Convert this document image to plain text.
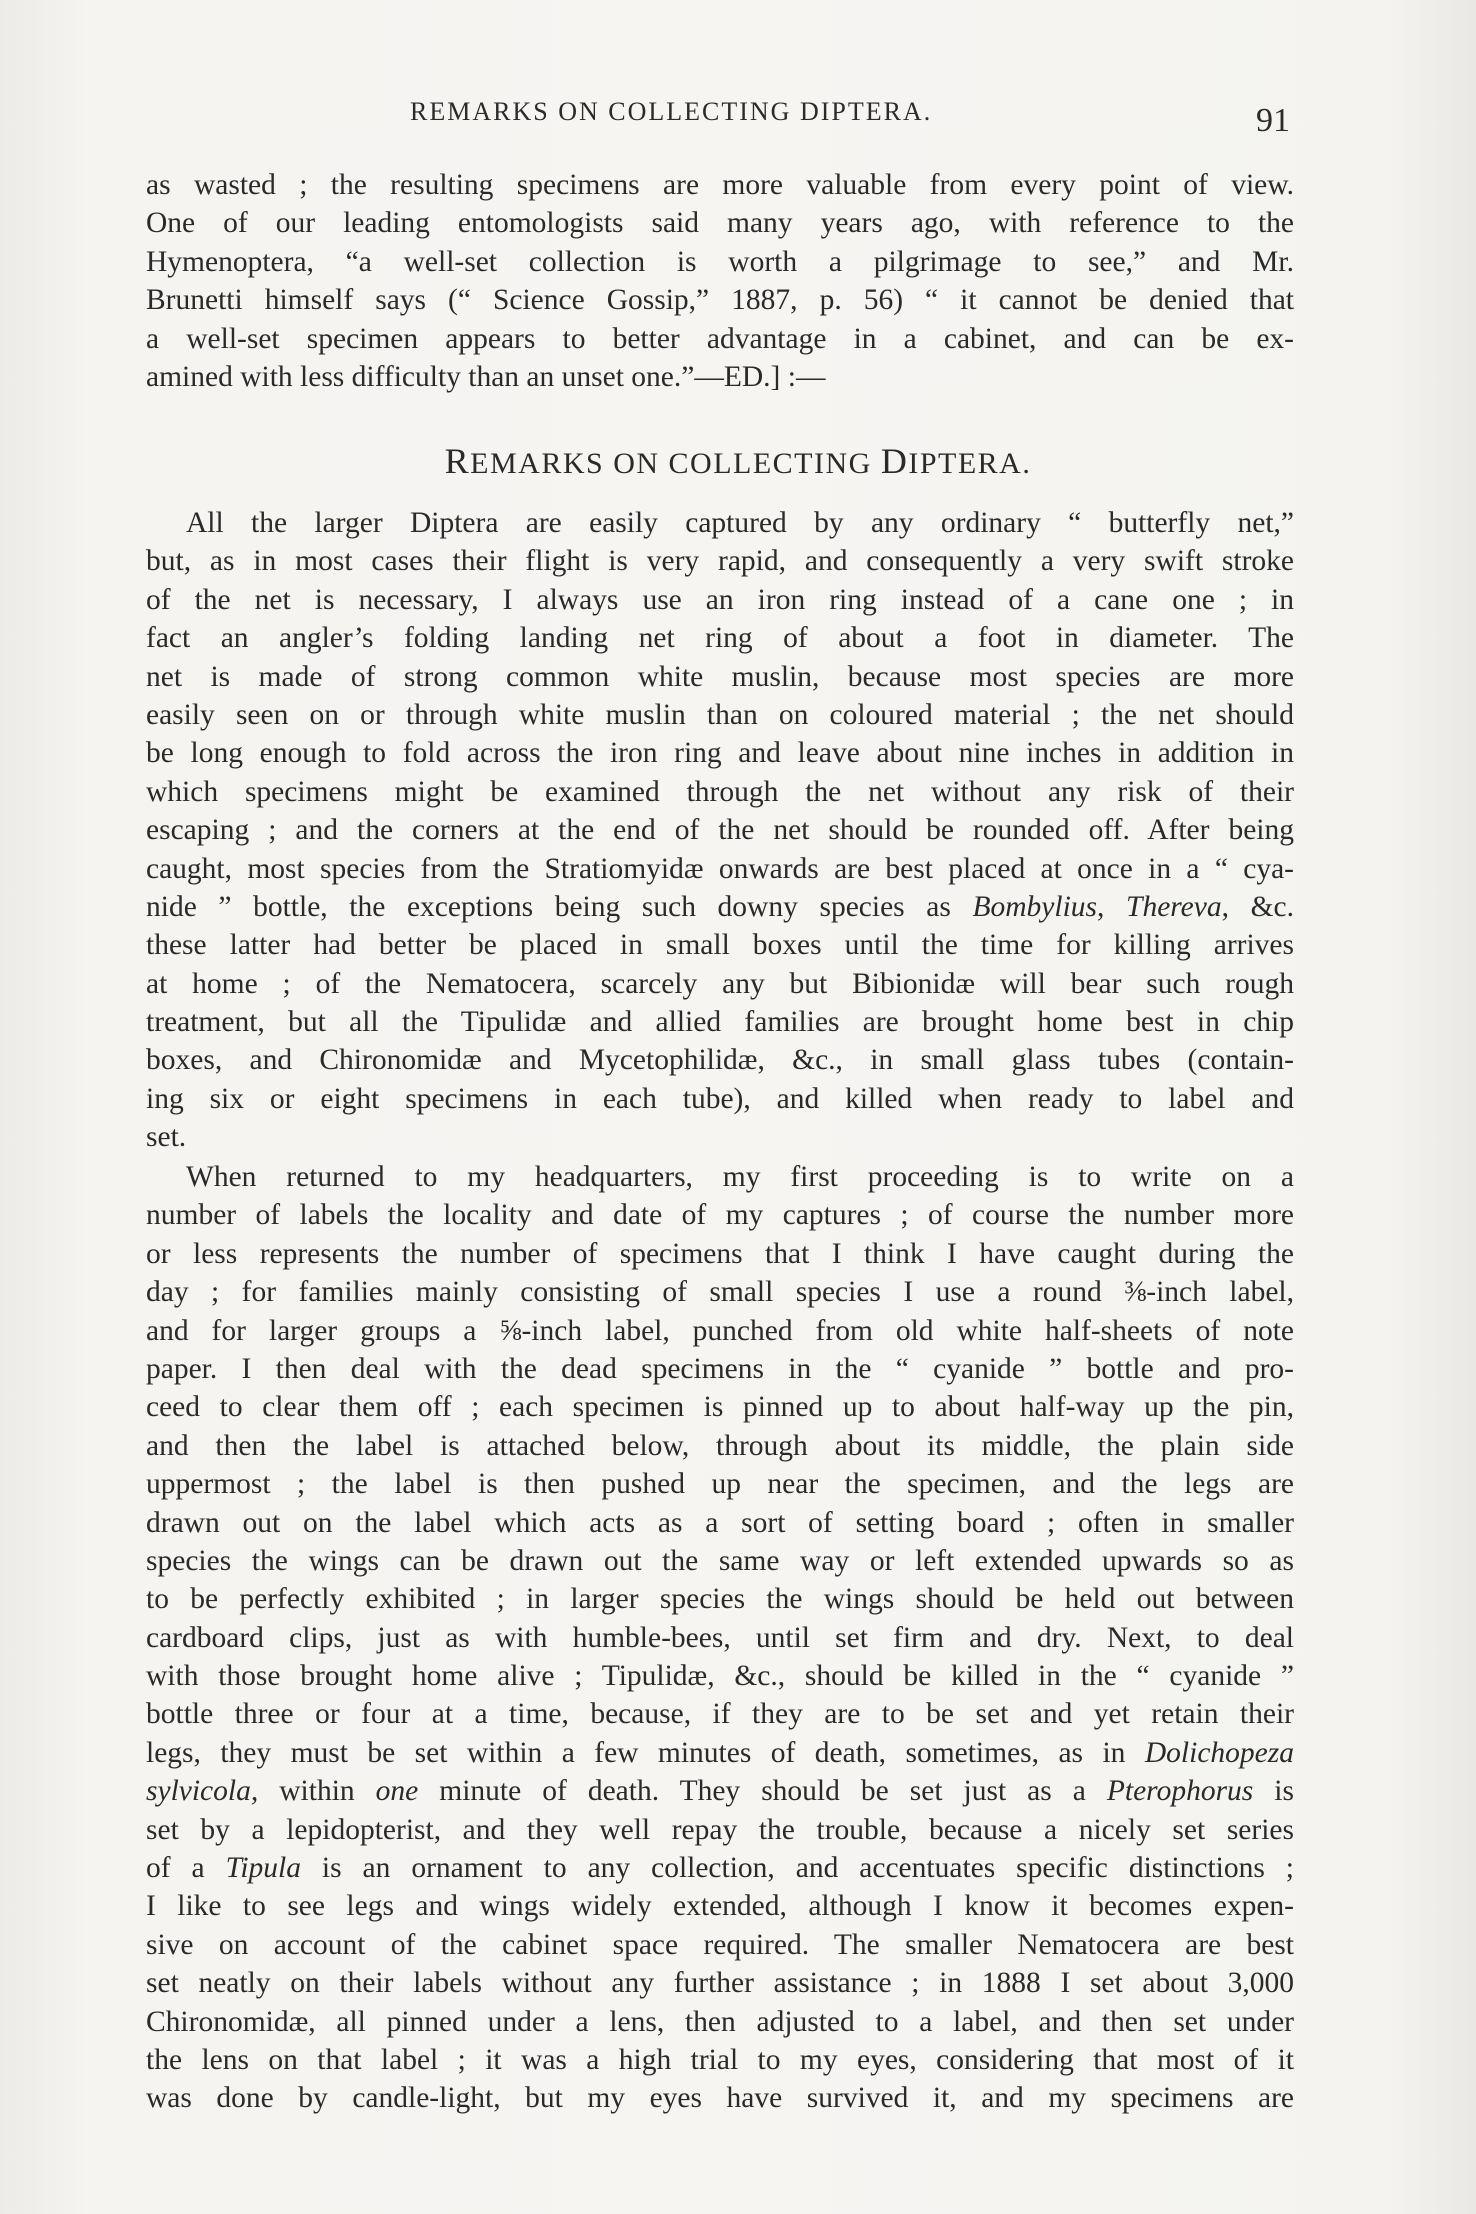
REMARKS ON COLLECTING DIPTERA.	91
as wasted ; the resulting specimens are more valuable from every point of view.
One of our leading entomologists said many years ago, with reference to the
Hymenoptera, “a well-set collection is worth a pilgrimage to see,” and Mr.
Brunetti himself says (“ Science Gossip,” 1887, p. 56) “ it cannot be denied that
a well-set specimen appears to better advantage in a cabinet, and can be ex-
amined with less difficulty than an unset one.”—ED.] :—
REMARKS ON COLLECTING DIPTERA.
All the larger Diptera are easily captured by any ordinary “ butterfly net,”
but, as in most cases their flight is very rapid, and consequently a very swift stroke
of the net is necessary, I always use an iron ring instead of a cane one ; in
fact an angler’s folding landing net ring of about a foot in diameter. The
net is made of strong common white muslin, because most species are more
easily seen on or through white muslin than on coloured material ; the net should
be long enough to fold across the iron ring and leave about nine inches in addition in
which specimens might be examined through the net without any risk of their
escaping ; and the corners at the end of the net should be rounded off. After being
caught, most species from the Stratiomyidæ onwards are best placed at once in a “ cya-
nide ” bottle, the exceptions being such downy species as Bombylius, Thereva, &c.
these latter had better be placed in small boxes until the time for killing arrives
at home ; of the Nematocera, scarcely any but Bibionidæ will bear such rough
treatment, but all the Tipulidæ and allied families are brought home best in chip
boxes, and Chironomidæ and Mycetophilidæ, &c., in small glass tubes (contain-
ing six or eight specimens in each tube), and killed when ready to label and
set.
When returned to my headquarters, my first proceeding is to write on a
number of labels the locality and date of my captures ; of course the number more
or less represents the number of specimens that I think I have caught during the
day ; for families mainly consisting of small species I use a round ⅜-inch label,
and for larger groups a ⅝-inch label, punched from old white half-sheets of note
paper. I then deal with the dead specimens in the “ cyanide ” bottle and pro-
ceed to clear them off ; each specimen is pinned up to about half-way up the pin,
and then the label is attached below, through about its middle, the plain side
uppermost ; the label is then pushed up near the specimen, and the legs are
drawn out on the label which acts as a sort of setting board ; often in smaller
species the wings can be drawn out the same way or left extended upwards so as
to be perfectly exhibited ; in larger species the wings should be held out between
cardboard clips, just as with humble-bees, until set firm and dry. Next, to deal
with those brought home alive ; Tipulidæ, &c., should be killed in the “ cyanide ”
bottle three or four at a time, because, if they are to be set and yet retain their
legs, they must be set within a few minutes of death, sometimes, as in Dolichopeza
sylvicola, within one minute of death. They should be set just as a Pterophorus is
set by a lepidopterist, and they well repay the trouble, because a nicely set series
of a Tipula is an ornament to any collection, and accentuates specific distinctions ;
I like to see legs and wings widely extended, although I know it becomes expen-
sive on account of the cabinet space required. The smaller Nematocera are best
set neatly on their labels without any further assistance ; in 1888 I set about 3,000
Chironomidæ, all pinned under a lens, then adjusted to a label, and then set under
the lens on that label ; it was a high trial to my eyes, considering that most of it
was done by candle-light, but my eyes have survived it, and my specimens are
